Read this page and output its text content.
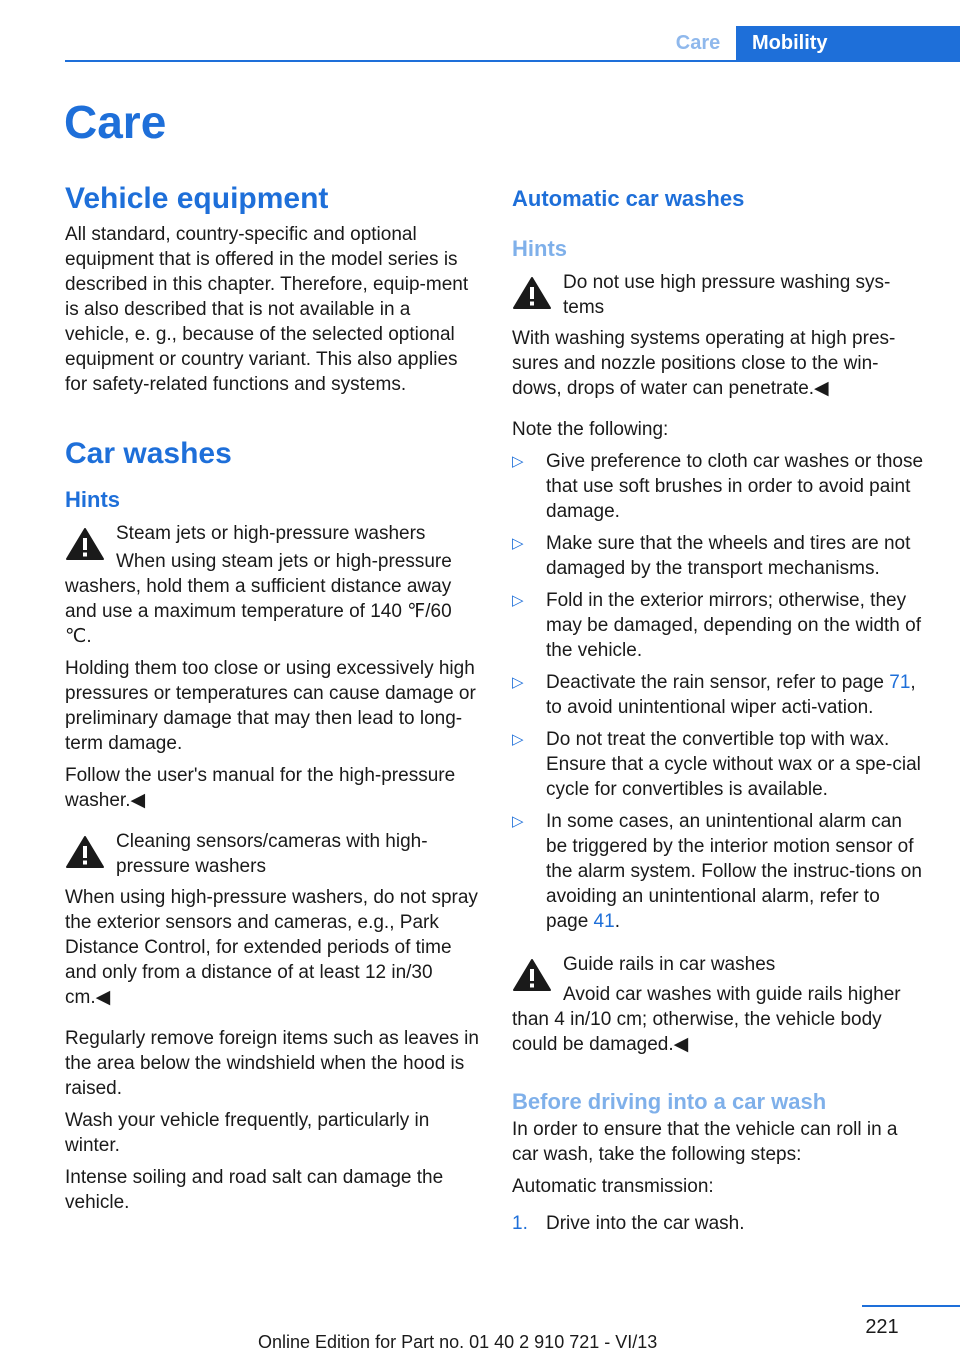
Care	Mobility
Care
Vehicle equipment

All standard, country-specific and optional equipment that is offered in the model series is described in this chapter. Therefore, equip-ment is also described that is not available in a vehicle, e. g., because of the selected optional equipment or country variant. This also applies for safety-related functions and systems.

Car washes
Hints
Steam jets or high-pressure washers

When using steam jets or high-pressure washers, hold them a sufficient distance away and use a maximum temperature of 140 ℉/60 ℃.

Holding them too close or using excessively high pressures or temperatures can cause damage or preliminary damage that may then lead to long-term damage.

Follow the user's manual for the high-pressure washer.◀

Cleaning sensors/cameras with high-pressure washers

When using high-pressure washers, do not spray the exterior sensors and cameras, e.g., Park Distance Control, for extended periods of time and only from a distance of at least 12 in/30 cm.◀

Regularly remove foreign items such as leaves in the area below the windshield when the hood is raised.

Wash your vehicle frequently, particularly in winter.

Intense soiling and road salt can damage the vehicle.

Automatic car washes
Hints
Do not use high pressure washing sys-tems

With washing systems operating at high pres-sures and nozzle positions close to the win-dows, drops of water can penetrate.◀

Note the following:

▷ Give preference to cloth car washes or those that use soft brushes in order to avoid paint damage.
▷ Make sure that the wheels and tires are not damaged by the transport mechanisms.
▷ Fold in the exterior mirrors; otherwise, they may be damaged, depending on the width of the vehicle.
▷ Deactivate the rain sensor, refer to page 71, to avoid unintentional wiper acti-vation.
▷ Do not treat the convertible top with wax. Ensure that a cycle without wax or a spe-cial cycle for convertibles is available.
▷ In some cases, an unintentional alarm can be triggered by the interior motion sensor of the alarm system. Follow the instruc-tions on avoiding an unintentional alarm, refer to page 41.
Guide rails in car washes

Avoid car washes with guide rails higher than 4 in/10 cm; otherwise, the vehicle body could be damaged.◀

Before driving into a car wash

In order to ensure that the vehicle can roll in a car wash, take the following steps:

Automatic transmission:

1. Drive into the car wash.
221
Online Edition for Part no. 01 40 2 910 721 - VI/13
